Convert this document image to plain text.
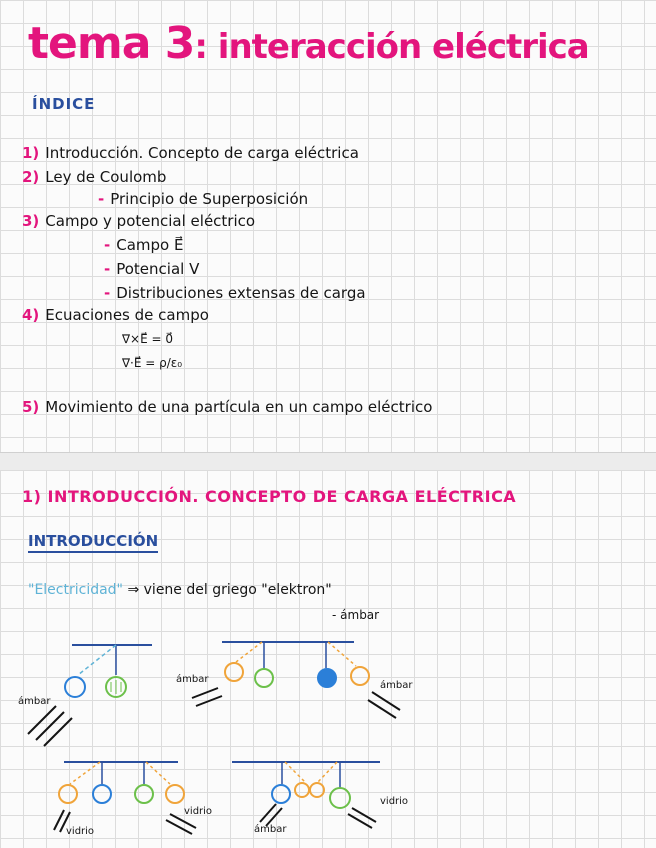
tema 3: interacción eléctrica
ÍNDICE
1) Introducción. Concepto de carga eléctrica
2) Ley de Coulomb
- Principio de Superposición
3) Campo y potencial eléctrico
- Campo E⃗
- Potencial V
- Distribuciones extensas de carga
4) Ecuaciones de campo
∇×E⃗ = 0⃗
∇·E⃗ = ρ/ε₀
5) Movimiento de una partícula en un campo eléctrico
1) INTRODUCCIÓN. CONCEPTO DE CARGA ELÉCTRICA
INTRODUCCIÓN
"Electricidad" ⇒ viene del griego "elektron"
- ámbar
ámbar
ámbar
ámbar
vidrio
vidrio
ámbar
vidrio
